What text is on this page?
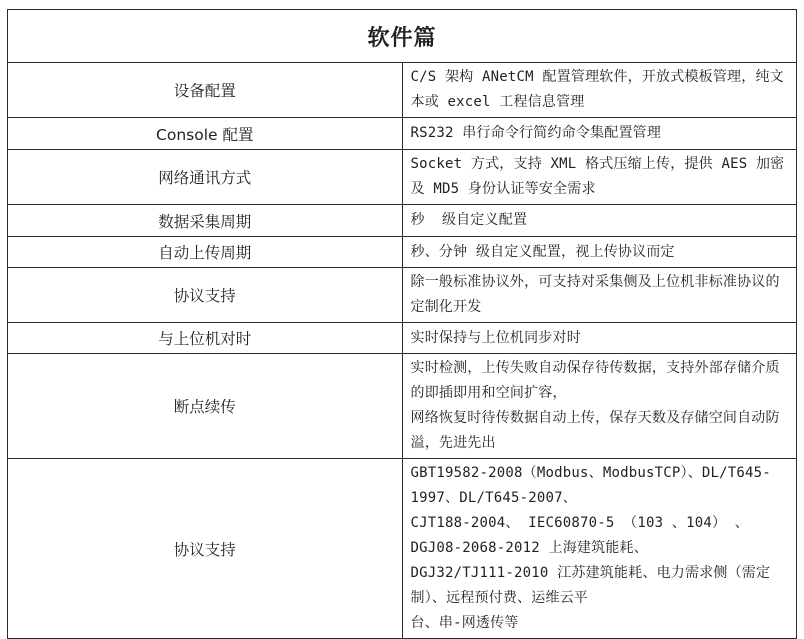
软件篇	
设备配置	C/S 架构 ANetCM 配置管理软件，开放式模板管理，纯文本或 excel 工程信息管理
Console 配置	RS232 串行命令行简约命令集配置管理
网络通讯方式	Socket 方式，支持 XML 格式压缩上传，提供 AES 加密及 MD5 身份认证等安全需求
数据采集周期	秒  级自定义配置
自动上传周期	秒、分钟 级自定义配置，视上传协议而定
协议支持	除一般标准协议外，可支持对采集侧及上位机非标准协议的定制化开发
与上位机对时	实时保持与上位机同步对时
断点续传	实时检测，上传失败自动保存待传数据，支持外部存储介质的即插即用和空间扩容，
网络恢复时待传数据自动上传，保存天数及存储空间自动防溢，先进先出
协议支持	GBT19582-2008（Modbus、ModbusTCP）、DL/T645-1997、DL/T645-2007、
CJT188-2004、 IEC60870-5 （103 、104） 、DGJ08-2068-2012 上海建筑能耗、
DGJ32/TJ111-2010 江苏建筑能耗、电力需求侧（需定制）、远程预付费、运维云平
台、串-网透传等
